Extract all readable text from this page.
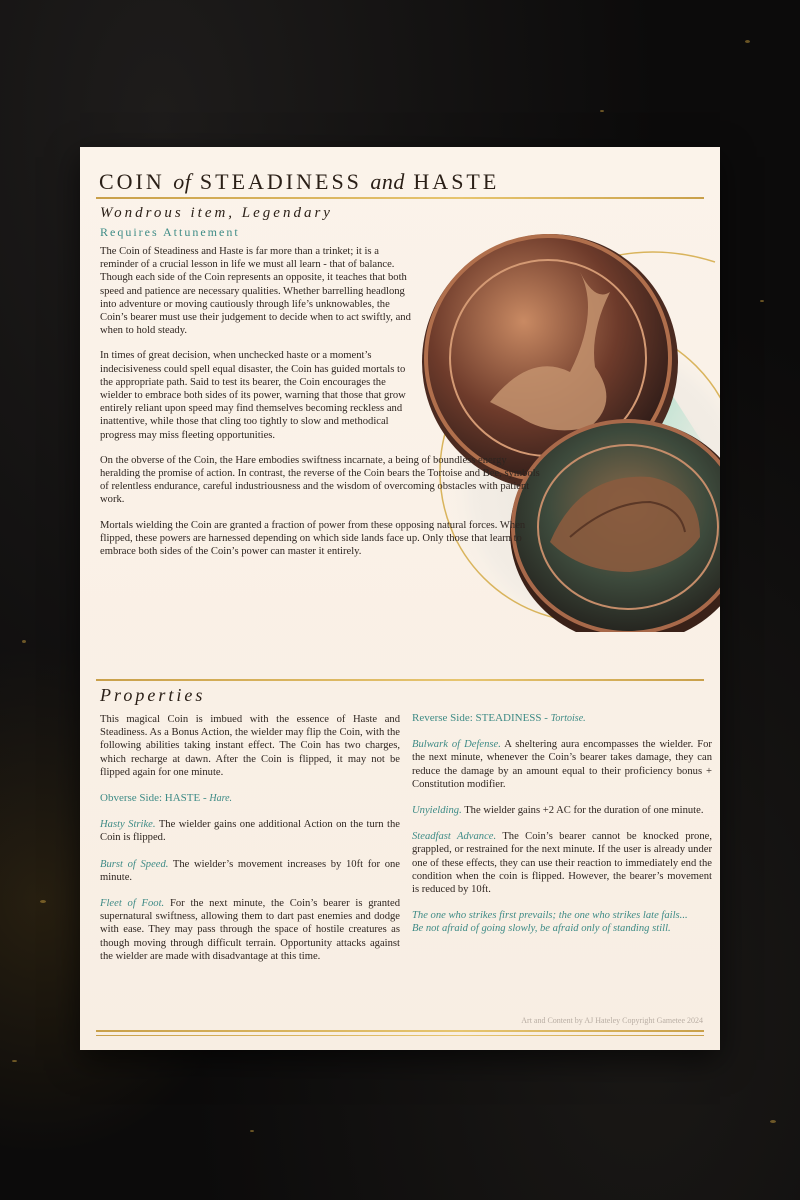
COIN of STEADINESS and HASTE
Wondrous item, Legendary
Requires Attunement

The Coin of Steadiness and Haste is far more than a trinket; it is a reminder of a crucial lesson in life we must all learn - that of balance. Though each side of the Coin represents an opposite, it teaches that both speed and patience are necessary qualities. Whether barrelling headlong into adventure or moving cautiously through life’s unknowables, the Coin’s bearer must use their judgement to decide when to act swiftly, and when to hold steady.

In times of great decision, when unchecked haste or a moment’s indecisiveness could spell equal disaster, the Coin has guided mortals to the appropriate path. Said to test its bearer, the Coin encourages the wielder to embrace both sides of its power, warning that those that grow entirely reliant upon speed may find themselves becoming reckless and inattentive, while those that cling too tightly to slow and methodical progress may miss fleeting opportunities.

On the obverse of the Coin, the Hare embodies swiftness incarnate, a being of boundless energy heralding the promise of action. In contrast, the reverse of the Coin bears the Tortoise and Bee, symbols of relentless endurance, careful industriousness and the wisdom of overcoming obstacles with patient work.

Mortals wielding the Coin are granted a fraction of power from these opposing natural forces. When flipped, these powers are harnessed depending on which side lands face up. Only those that learn to embrace both sides of the Coin’s power can master it entirely.

Properties

This magical Coin is imbued with the essence of Haste and Steadiness. As a Bonus Action, the wielder may flip the Coin, with the following abilities taking instant effect. The Coin has two charges, which recharge at dawn. After the Coin is flipped, it may not be flipped again for one minute.

Obverse Side: HASTE - Hare.

Hasty Strike. The wielder gains one additional Action on the turn the Coin is flipped.

Burst of Speed. The wielder’s movement increases by 10ft for one minute.

Fleet of Foot. For the next minute, the Coin’s bearer is granted supernatural swiftness, allowing them to dart past enemies and dodge with ease. They may pass through the space of hostile creatures as though moving through difficult terrain. Opportunity attacks against the wielder are made with disadvantage at this time.

Reverse Side: STEADINESS - Tortoise.

Bulwark of Defense. A sheltering aura encompasses the wielder. For the next minute, whenever the Coin’s bearer takes damage, they can reduce the damage by an amount equal to their proficiency bonus + Constitution modifier.

Unyielding. The wielder gains +2 AC for the duration of one minute.

Steadfast Advance. The Coin’s bearer cannot be knocked prone, grappled, or restrained for the next minute. If the user is already under one of these effects, they can use their reaction to immediately end the condition when the coin is flipped. However, the bearer’s movement is reduced by 10ft.

The one who strikes first prevails; the one who strikes late fails...
Be not afraid of going slowly, be afraid only of standing still.

Art and Content by AJ Hateley Copyright Gametee 2024
